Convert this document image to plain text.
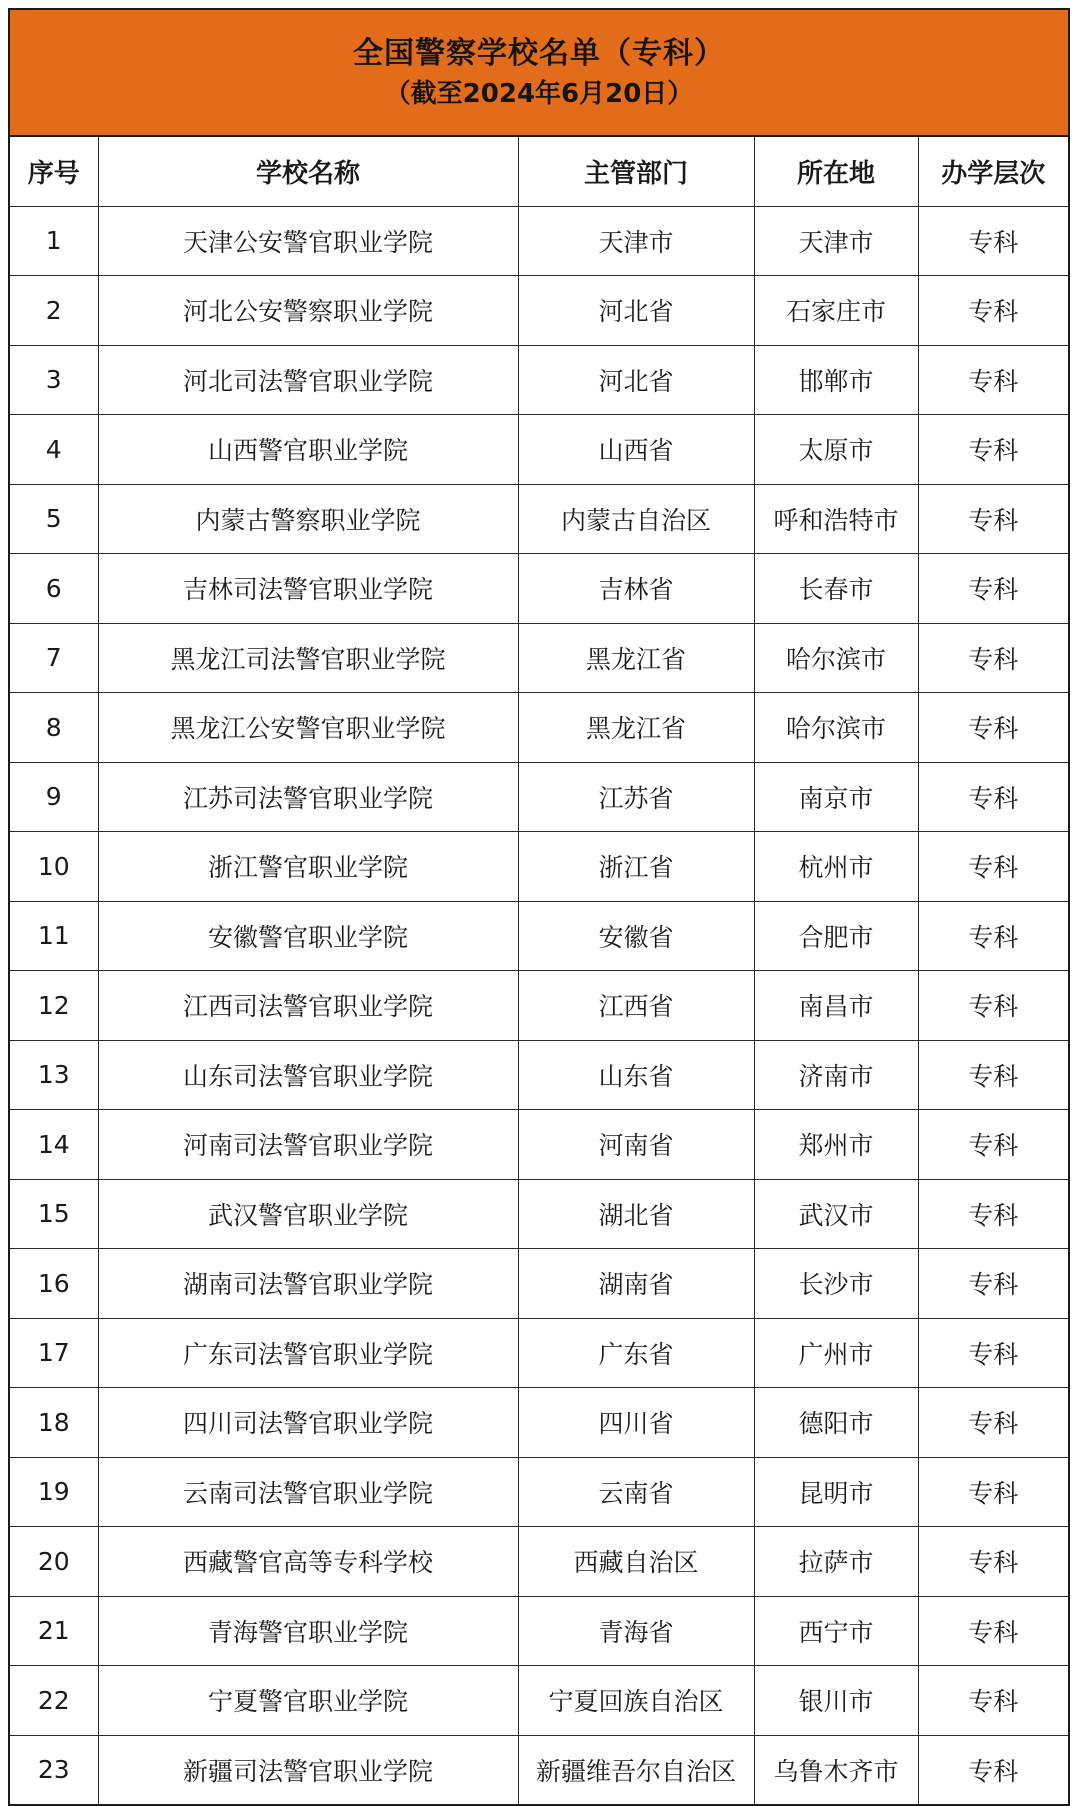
全国警察学校名单（专科）
（截至2024年6月20日）
序号	学校名称	主管部门	所在地	办学层次
1	天津公安警官职业学院	天津市	天津市	专科
2	河北公安警察职业学院	河北省	石家庄市	专科
3	河北司法警官职业学院	河北省	邯郸市	专科
4	山西警官职业学院	山西省	太原市	专科
5	内蒙古警察职业学院	内蒙古自治区	呼和浩特市	专科
6	吉林司法警官职业学院	吉林省	长春市	专科
7	黑龙江司法警官职业学院	黑龙江省	哈尔滨市	专科
8	黑龙江公安警官职业学院	黑龙江省	哈尔滨市	专科
9	江苏司法警官职业学院	江苏省	南京市	专科
10	浙江警官职业学院	浙江省	杭州市	专科
11	安徽警官职业学院	安徽省	合肥市	专科
12	江西司法警官职业学院	江西省	南昌市	专科
13	山东司法警官职业学院	山东省	济南市	专科
14	河南司法警官职业学院	河南省	郑州市	专科
15	武汉警官职业学院	湖北省	武汉市	专科
16	湖南司法警官职业学院	湖南省	长沙市	专科
17	广东司法警官职业学院	广东省	广州市	专科
18	四川司法警官职业学院	四川省	德阳市	专科
19	云南司法警官职业学院	云南省	昆明市	专科
20	西藏警官高等专科学校	西藏自治区	拉萨市	专科
21	青海警官职业学院	青海省	西宁市	专科
22	宁夏警官职业学院	宁夏回族自治区	银川市	专科
23	新疆司法警官职业学院	新疆维吾尔自治区	乌鲁木齐市	专科
